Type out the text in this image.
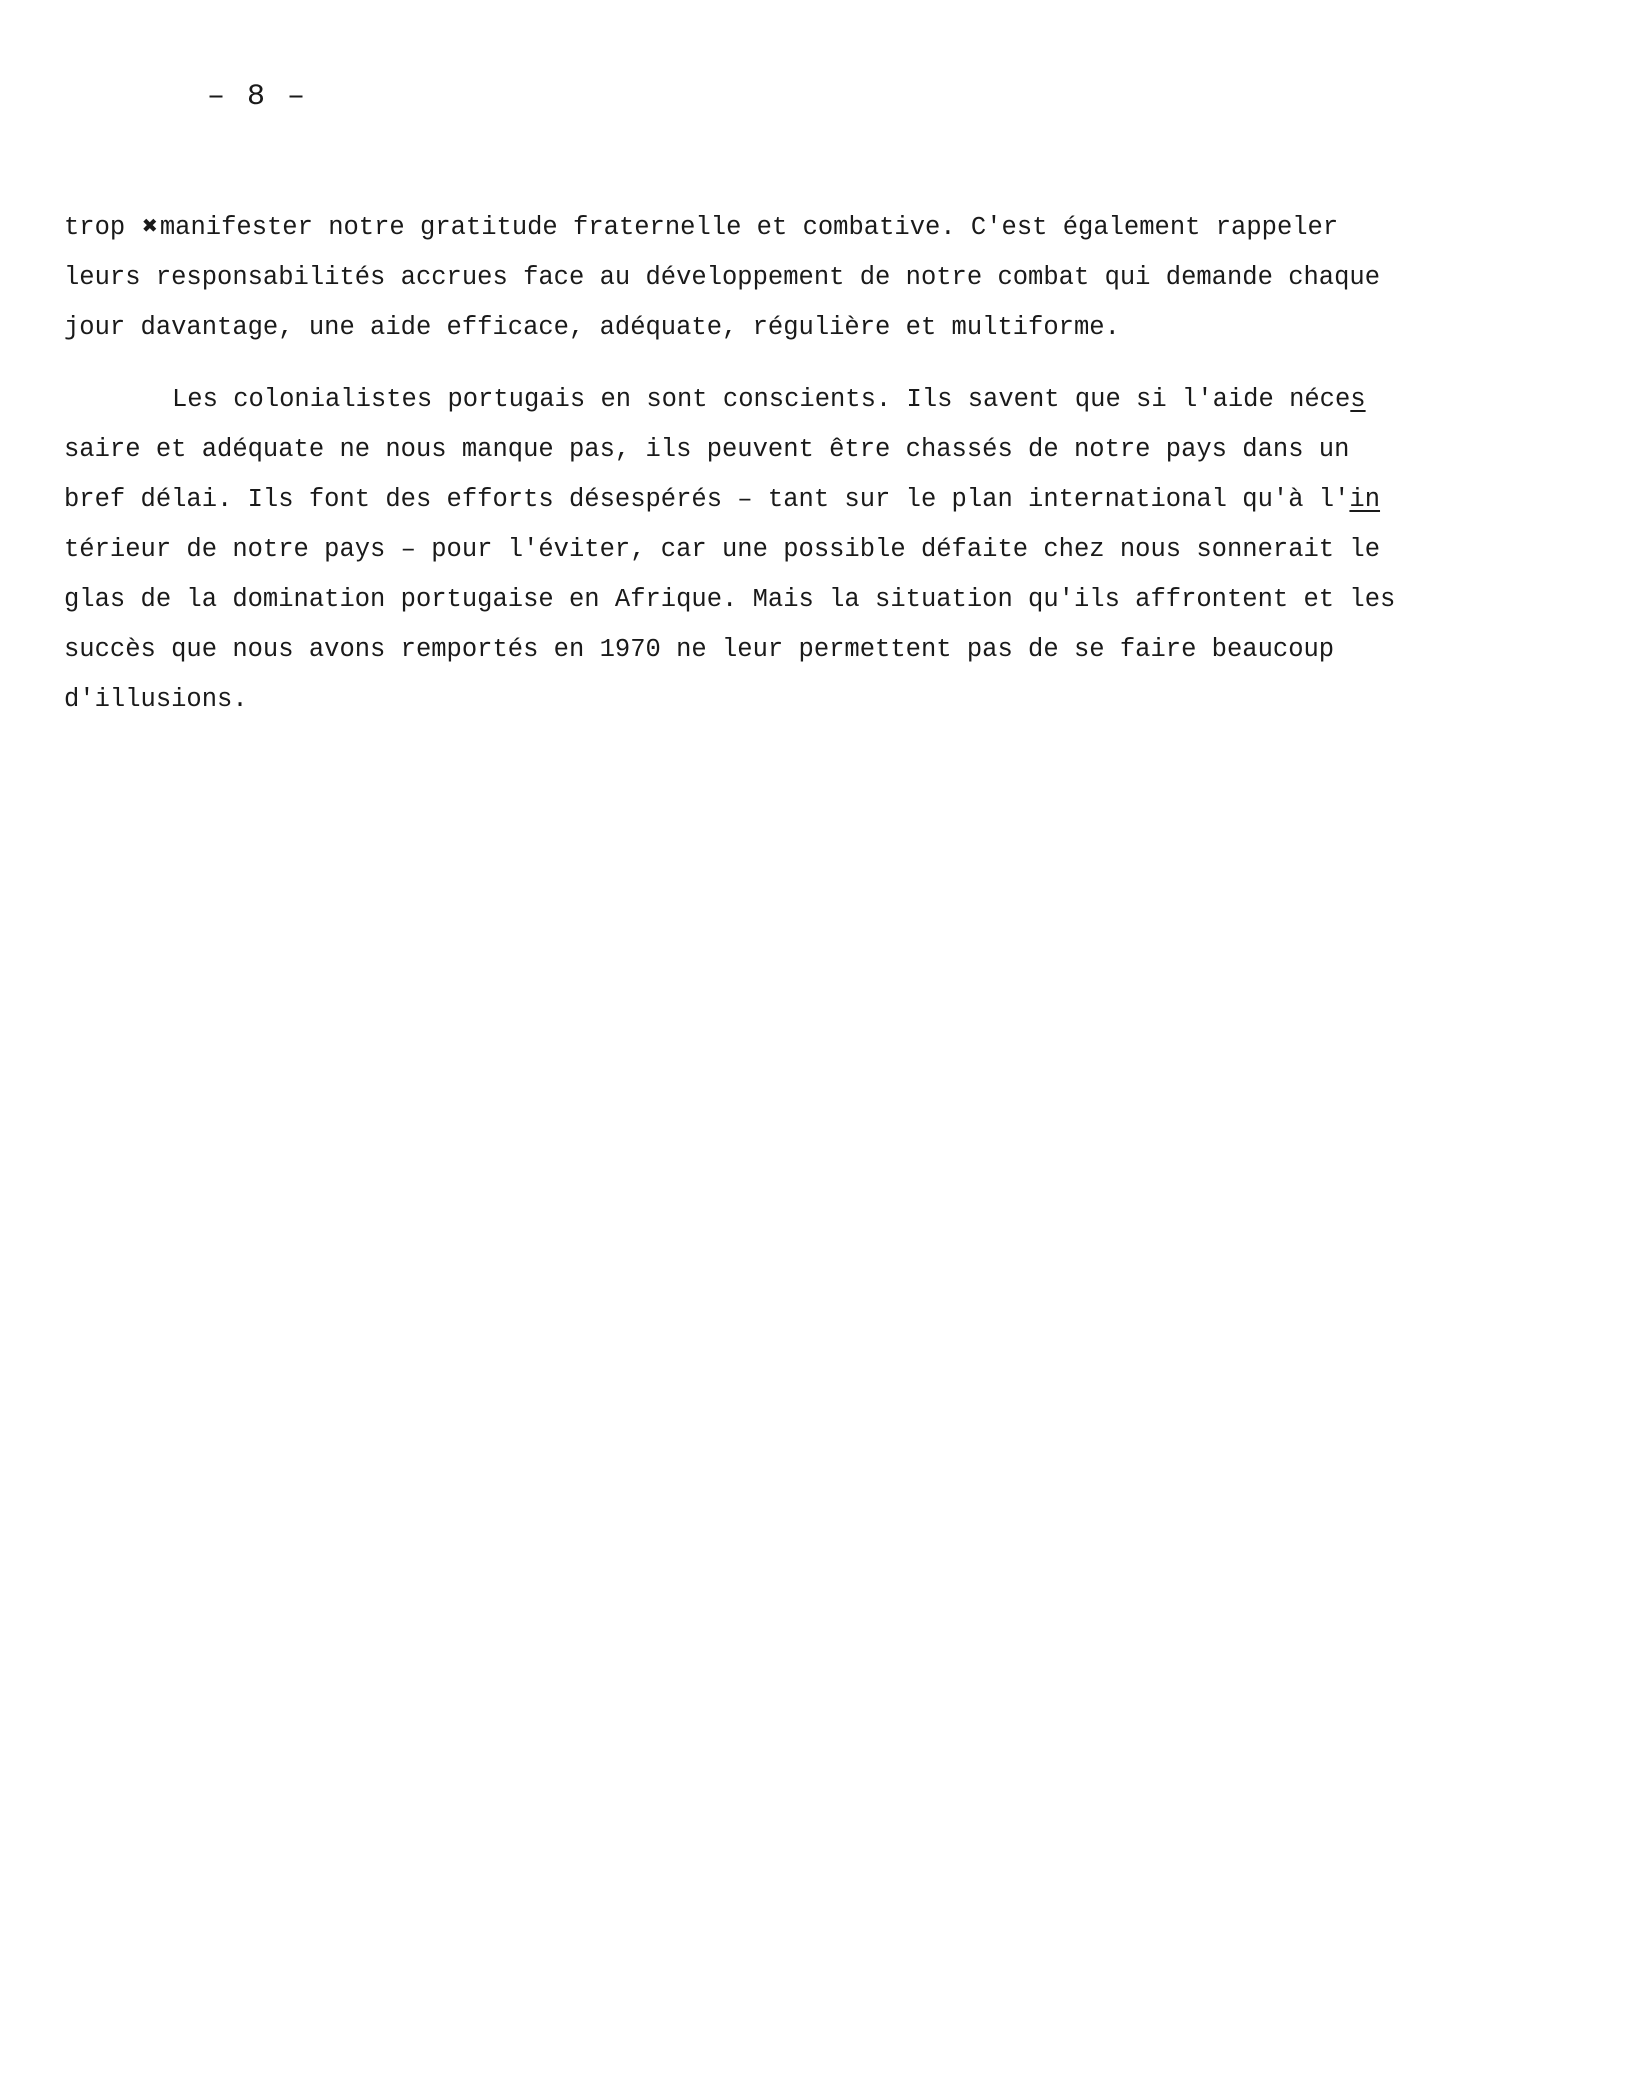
– 8 –
trop ✖manifester notre gratitude fraternelle et combative. C'est également rappeler
leurs responsabilités accrues face au développement de notre combat qui demande chaque
jour davantage, une aide efficace, adéquate, régulière et multiforme.
Les colonialistes portugais en sont conscients. Ils savent que si l'aide néces
saire et adéquate ne nous manque pas, ils peuvent être chassés de notre pays dans un
bref délai. Ils font des efforts désespérés – tant sur le plan international qu'à l'in
térieur de notre pays – pour l'éviter, car une possible défaite chez nous sonnerait le
glas de la domination portugaise en Afrique. Mais la situation qu'ils affrontent et les
succès que nous avons remportés en 1970 ne leur permettent pas de se faire beaucoup
d'illusions.
